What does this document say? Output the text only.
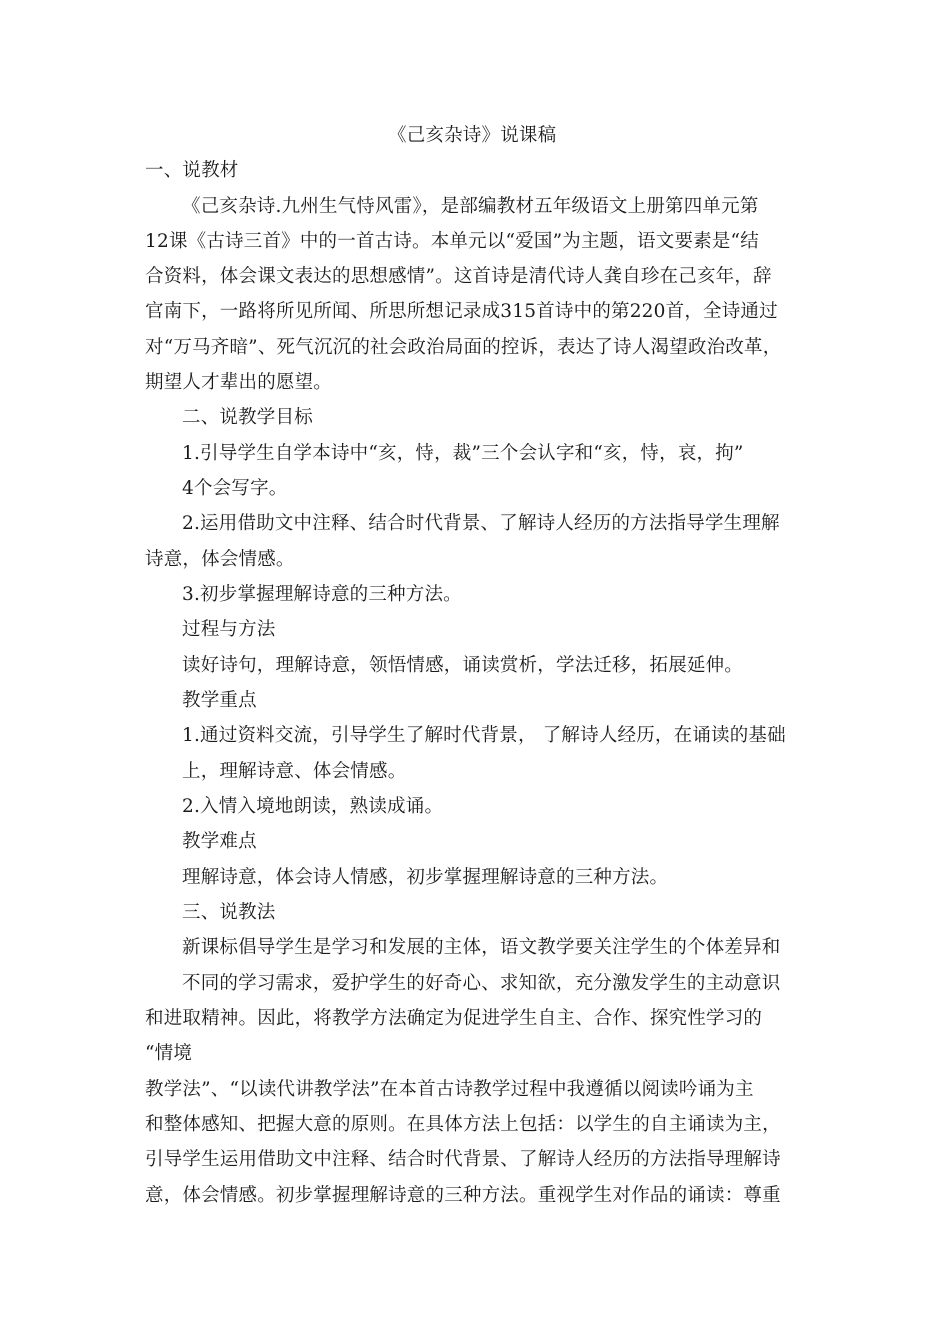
《己亥杂诗》说课稿
一、说教材
《己亥杂诗.九州生气恃风雷》，是部编教材五年级语文上册第四单元第
12课《古诗三首》中的一首古诗。本单元以“爱国”为主题，语文要素是“结
合资料，体会课文表达的思想感情”。这首诗是清代诗人龚自珍在己亥年，辞
官南下，一路将所见所闻、所思所想记录成315首诗中的第220首，全诗通过
对“万马齐暗”、死气沉沉的社会政治局面的控诉，表达了诗人渴望政治改革，
期望人才辈出的愿望。
二、说教学目标
1.引导学生自学本诗中“亥，恃，裁”三个会认字和“亥，恃，哀，拘”
4个会写字。
2.运用借助文中注释、结合时代背景、了解诗人经历的方法指导学生理解
诗意，体会情感。
3.初步掌握理解诗意的三种方法。
过程与方法
读好诗句，理解诗意，领悟情感，诵读赏析，学法迁移，拓展延伸。
教学重点
1.通过资料交流，引导学生了解时代背景， 了解诗人经历，在诵读的基础
上，理解诗意、体会情感。
2.入情入境地朗读，熟读成诵。
教学难点
理解诗意，体会诗人情感，初步掌握理解诗意的三种方法。
三、说教法
新课标倡导学生是学习和发展的主体，语文教学要关注学生的个体差异和
不同的学习需求，爱护学生的好奇心、求知欲，充分激发学生的主动意识
和进取精神。因此，将教学方法确定为促进学生自主、合作、探究性学习的
“情境
教学法”、“以读代讲教学法”在本首古诗教学过程中我遵循以阅读吟诵为主
和整体感知、把握大意的原则。在具体方法上包括：以学生的自主诵读为主，
引导学生运用借助文中注释、结合时代背景、了解诗人经历的方法指导理解诗
意，体会情感。初步掌握理解诗意的三种方法。重视学生对作品的诵读：尊重
